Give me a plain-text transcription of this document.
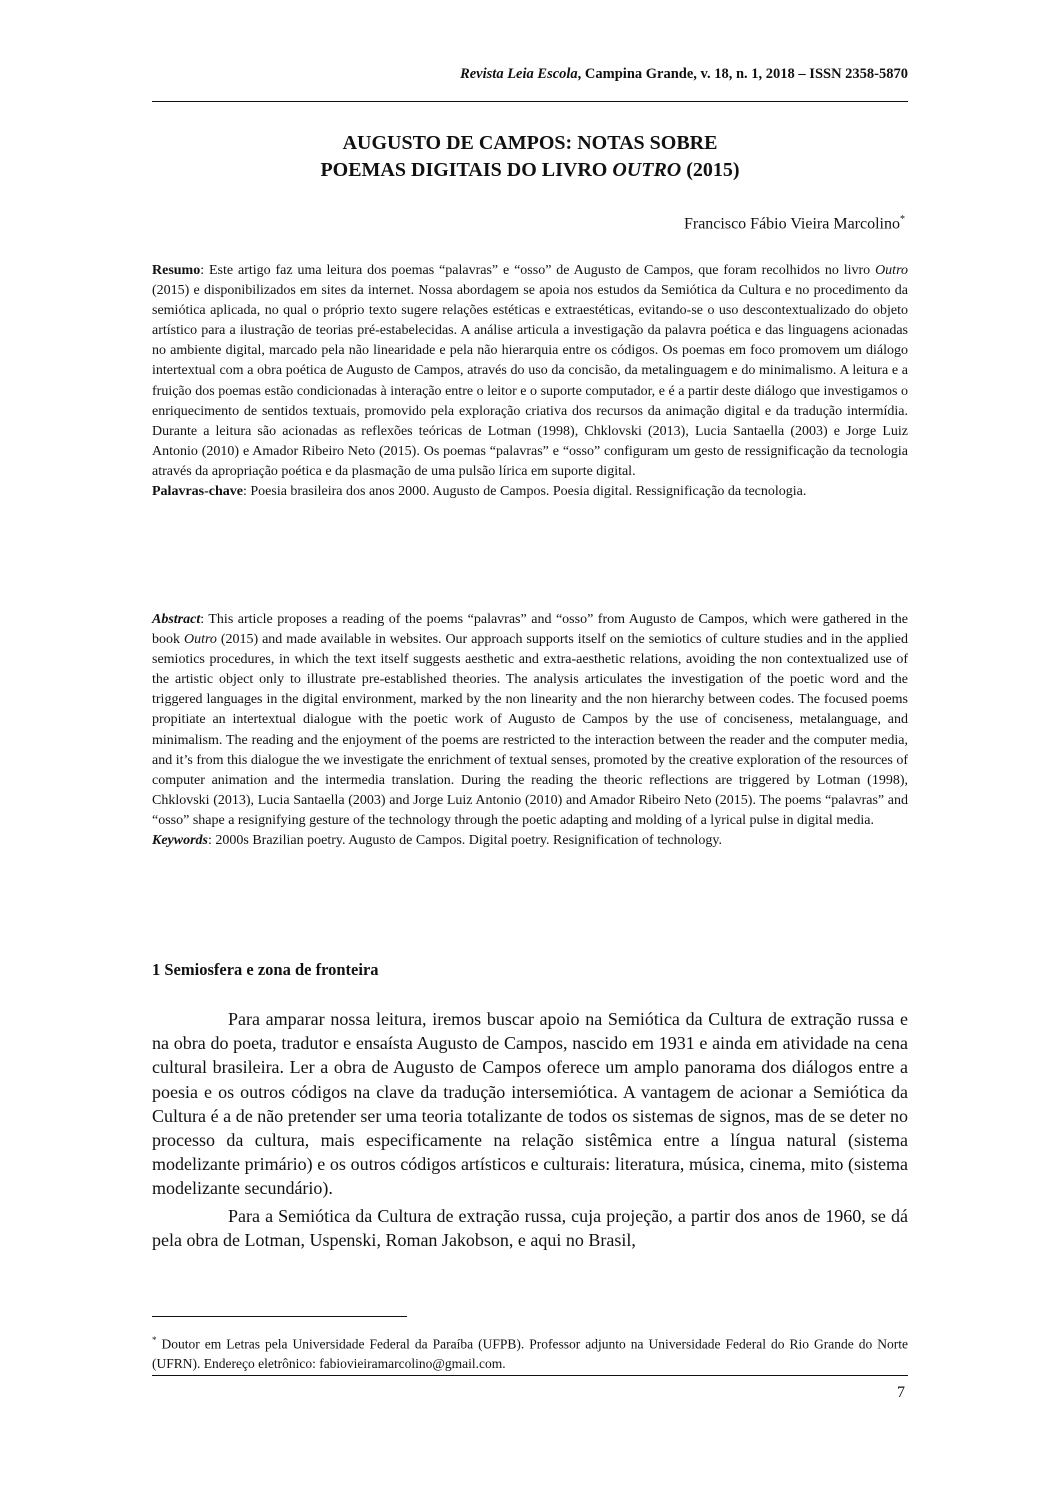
Revista Leia Escola, Campina Grande, v. 18, n. 1, 2018 – ISSN 2358-5870
AUGUSTO DE CAMPOS: NOTAS SOBRE
POEMAS DIGITAIS DO LIVRO OUTRO (2015)
Francisco Fábio Vieira Marcolino*

Resumo: Este artigo faz uma leitura dos poemas “palavras” e “osso” de Augusto de Campos, que foram recolhidos no livro Outro (2015) e disponibilizados em sites da internet. Nossa abordagem se apoia nos estudos da Semiótica da Cultura e no procedimento da semiótica aplicada, no qual o próprio texto sugere relações estéticas e extraestéticas, evitando-se o uso descontextualizado do objeto artístico para a ilustração de teorias pré-estabelecidas. A análise articula a investigação da palavra poética e das linguagens acionadas no ambiente digital, marcado pela não linearidade e pela não hierarquia entre os códigos. Os poemas em foco promovem um diálogo intertextual com a obra poética de Augusto de Campos, através do uso da concisão, da metalinguagem e do minimalismo. A leitura e a fruição dos poemas estão condicionadas à interação entre o leitor e o suporte computador, e é a partir deste diálogo que investigamos o enriquecimento de sentidos textuais, promovido pela exploração criativa dos recursos da animação digital e da tradução intermídia. Durante a leitura são acionadas as reflexões teóricas de Lotman (1998), Chklovski (2013), Lucia Santaella (2003) e Jorge Luiz Antonio (2010) e Amador Ribeiro Neto (2015). Os poemas “palavras” e “osso” configuram um gesto de ressignificação da tecnologia através da apropriação poética e da plasmação de uma pulsão lírica em suporte digital.

Palavras-chave: Poesia brasileira dos anos 2000. Augusto de Campos. Poesia digital. Ressignificação da tecnologia.

Abstract: This article proposes a reading of the poems “palavras” and “osso” from Augusto de Campos, which were gathered in the book Outro (2015) and made available in websites. Our approach supports itself on the semiotics of culture studies and in the applied semiotics procedures, in which the text itself suggests aesthetic and extra-aesthetic relations, avoiding the non contextualized use of the artistic object only to illustrate pre-established theories. The analysis articulates the investigation of the poetic word and the triggered languages in the digital environment, marked by the non linearity and the non hierarchy between codes. The focused poems propitiate an intertextual dialogue with the poetic work of Augusto de Campos by the use of conciseness, metalanguage, and minimalism. The reading and the enjoyment of the poems are restricted to the interaction between the reader and the computer media, and it’s from this dialogue the we investigate the enrichment of textual senses, promoted by the creative exploration of the resources of computer animation and the intermedia translation. During the reading the theoric reflections are triggered by Lotman (1998), Chklovski (2013), Lucia Santaella (2003) and Jorge Luiz Antonio (2010) and Amador Ribeiro Neto (2015). The poems “palavras” and “osso” shape a resignifying gesture of the technology through the poetic adapting and molding of a lyrical pulse in digital media.

Keywords: 2000s Brazilian poetry. Augusto de Campos. Digital poetry. Resignification of technology.

1 Semiosfera e zona de fronteira

Para amparar nossa leitura, iremos buscar apoio na Semiótica da Cultura de extração russa e na obra do poeta, tradutor e ensaísta Augusto de Campos, nascido em 1931 e ainda em atividade na cena cultural brasileira. Ler a obra de Augusto de Campos oferece um amplo panorama dos diálogos entre a poesia e os outros códigos na clave da tradução intersemiótica. A vantagem de acionar a Semiótica da Cultura é a de não pretender ser uma teoria totalizante de todos os sistemas de signos, mas de se deter no processo da cultura, mais especificamente na relação sistêmica entre a língua natural (sistema modelizante primário) e os outros códigos artísticos e culturais: literatura, música, cinema, mito (sistema modelizante secundário).

Para a Semiótica da Cultura de extração russa, cuja projeção, a partir dos anos de 1960, se dá pela obra de Lotman, Uspenski, Roman Jakobson, e aqui no Brasil,

* Doutor em Letras pela Universidade Federal da Paraíba (UFPB). Professor adjunto na Universidade Federal do Rio Grande do Norte (UFRN). Endereço eletrônico: fabiovieiramarcolino@gmail.com.
7
